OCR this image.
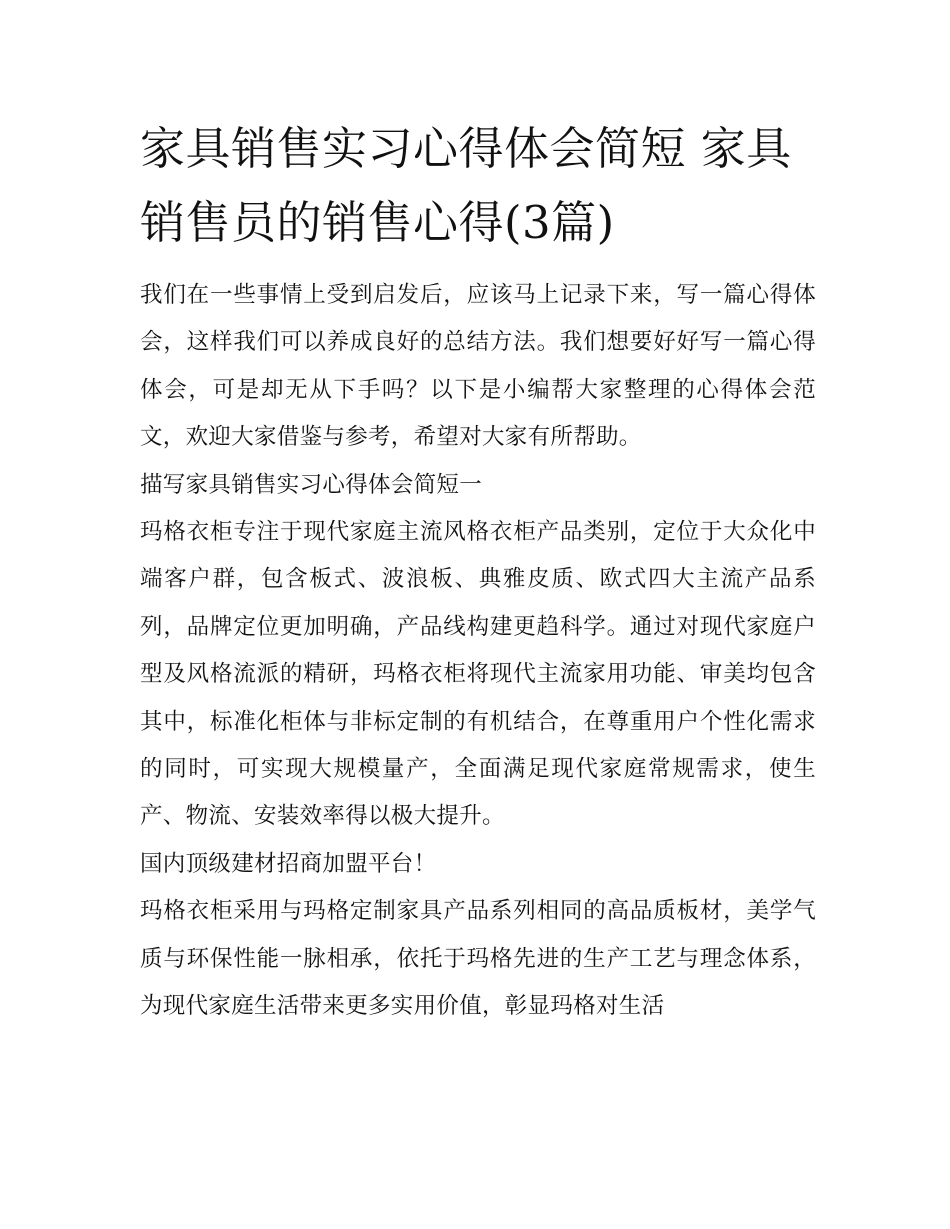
家具销售实习心得体会简短 家具销售员的销售心得(3篇)

我们在一些事情上受到启发后，应该马上记录下来，写一篇心得体会，这样我们可以养成良好的总结方法。我们想要好好写一篇心得体会，可是却无从下手吗？以下是小编帮大家整理的心得体会范文，欢迎大家借鉴与参考，希望对大家有所帮助。

描写家具销售实习心得体会简短一

玛格衣柜专注于现代家庭主流风格衣柜产品类别，定位于大众化中端客户群，包含板式、波浪板、典雅皮质、欧式四大主流产品系列，品牌定位更加明确，产品线构建更趋科学。通过对现代家庭户型及风格流派的精研，玛格衣柜将现代主流家用功能、审美均包含其中，标准化柜体与非标定制的有机结合，在尊重用户个性化需求的同时，可实现大规模量产，全面满足现代家庭常规需求，使生产、物流、安装效率得以极大提升。

国内顶级建材招商加盟平台！

玛格衣柜采用与玛格定制家具产品系列相同的高品质板材，美学气质与环保性能一脉相承，依托于玛格先进的生产工艺与理念体系，为现代家庭生活带来更多实用价值，彰显玛格对生活
